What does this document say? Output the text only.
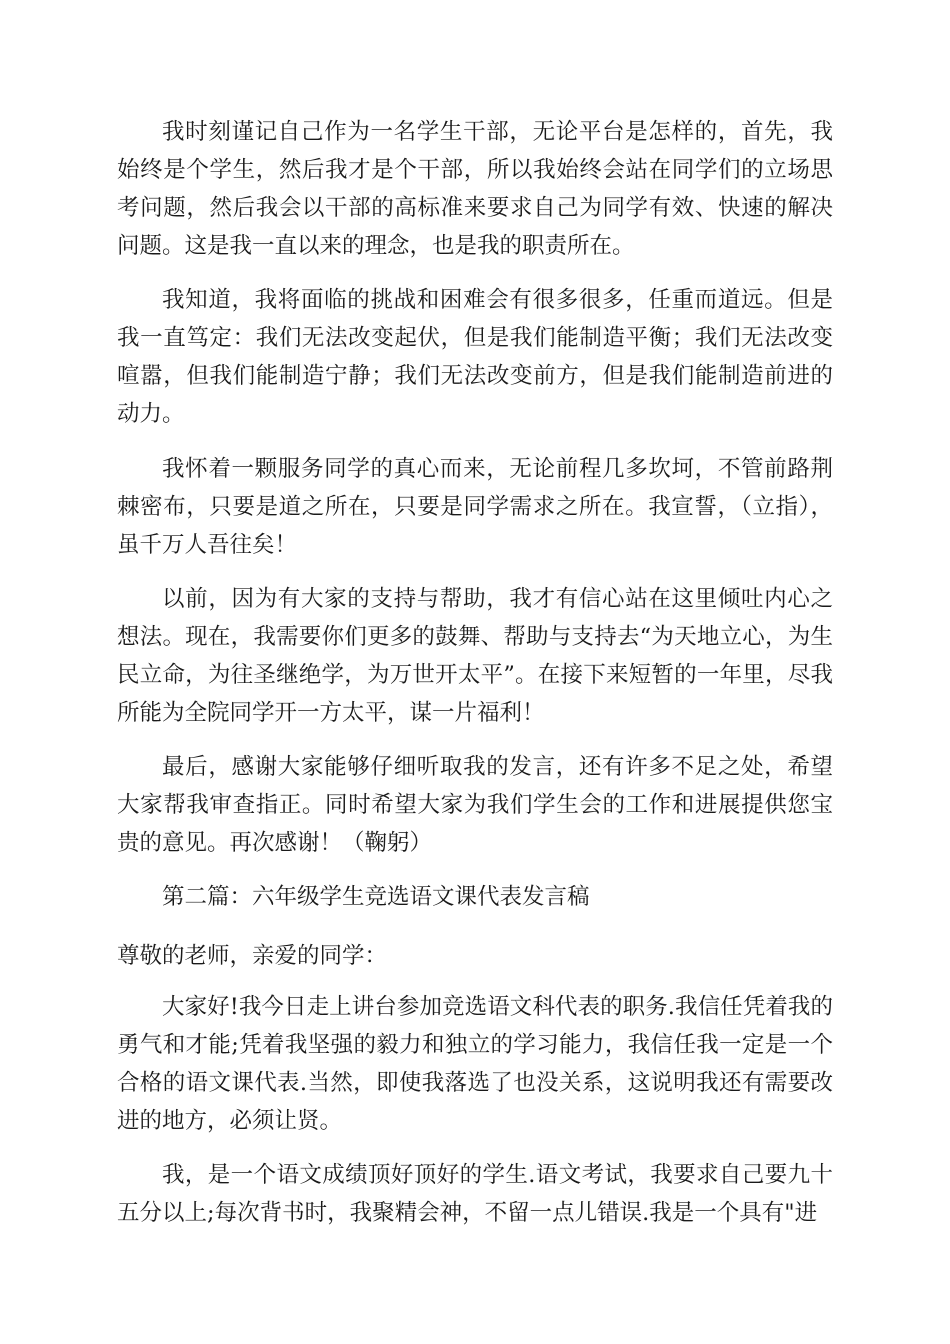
我时刻谨记自己作为一名学生干部，无论平台是怎样的，首先，我始终是个学生，然后我才是个干部，所以我始终会站在同学们的立场思考问题，然后我会以干部的高标准来要求自己为同学有效、快速的解决问题。这是我一直以来的理念，也是我的职责所在。

我知道，我将面临的挑战和困难会有很多很多，任重而道远。但是我一直笃定：我们无法改变起伏，但是我们能制造平衡；我们无法改变喧嚣，但我们能制造宁静；我们无法改变前方，但是我们能制造前进的动力。

我怀着一颗服务同学的真心而来，无论前程几多坎坷，不管前路荆棘密布，只要是道之所在，只要是同学需求之所在。我宣誓，（立指），虽千万人吾往矣！

以前，因为有大家的支持与帮助，我才有信心站在这里倾吐内心之想法。现在，我需要你们更多的鼓舞、帮助与支持去“为天地立心，为生民立命，为往圣继绝学，为万世开太平”。在接下来短暂的一年里，尽我所能为全院同学开一方太平，谋一片福利！

最后，感谢大家能够仔细听取我的发言，还有许多不足之处，希望大家帮我审查指正。同时希望大家为我们学生会的工作和进展提供您宝贵的意见。再次感谢！（鞠躬）

第二篇：六年级学生竞选语文课代表发言稿

尊敬的老师，亲爱的同学：

大家好!我今日走上讲台参加竞选语文科代表的职务.我信任凭着我的勇气和才能;凭着我坚强的毅力和独立的学习能力，我信任我一定是一个合格的语文课代表.当然，即使我落选了也没关系，这说明我还有需要改进的地方，必须让贤。

我，是一个语文成绩顶好顶好的学生.语文考试，我要求自己要九十五分以上;每次背书时，我聚精会神，不留一点儿错误.我是一个具有"进
